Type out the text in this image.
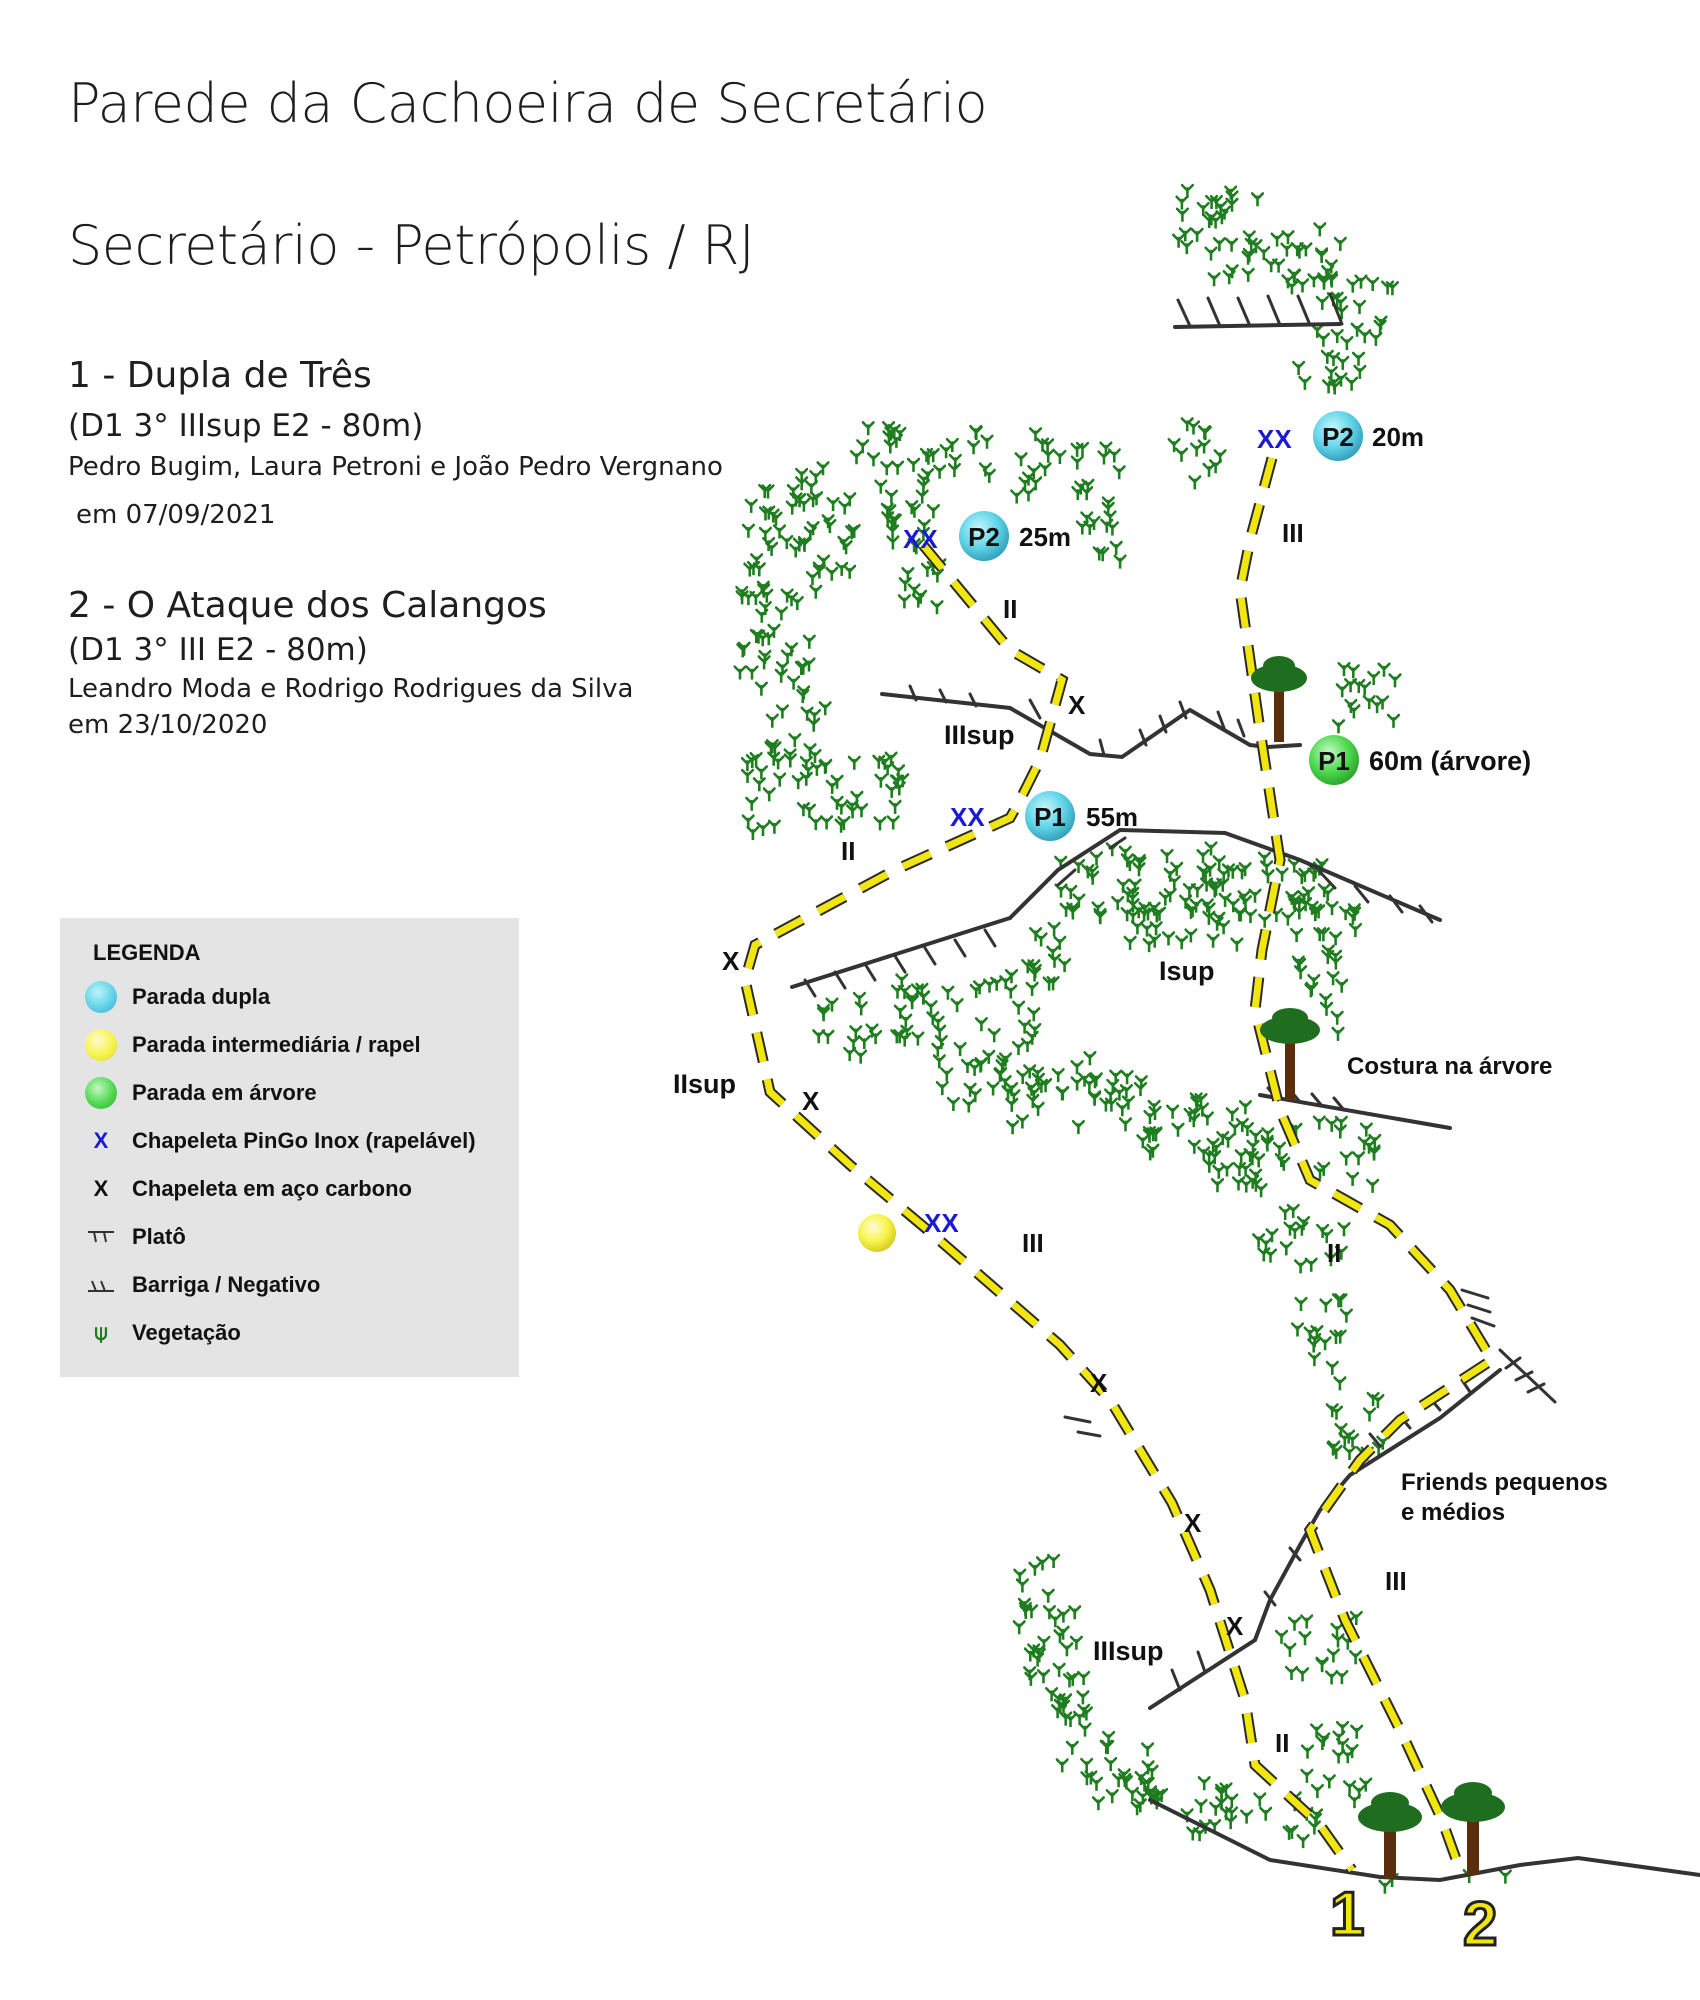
Parede da Cachoeira de Secretário
Secretário - Petrópolis / RJ
1 - Dupla de Três
(D1 3° IIIsup E2 - 80m)
Pedro Bugim, Laura Petroni e João Pedro Vergnano
em 07/09/2021
2 - O Ataque dos Calangos
(D1 3° III E2 - 80m)
Leandro Moda e Rodrigo Rodrigues da Silva
em 23/10/2020
LEGENDA
Parada dupla
Parada intermediária / rapel
Parada em árvore
X	Chapeleta PinGo Inox (rapelável)
X	Chapeleta em aço carbono
Platô
Barriga / Negativo
⍦	Vegetação
XX P2 25m
XX P1 55m
XX P2 20m
P1 60m (árvore)
XX
X
X
X
X
X
X
II
II
IIsup
III
IIIsup
II
IIIsup
III
Isup
II
III
Costura na árvore
Friends pequenos
e médios
1 2
